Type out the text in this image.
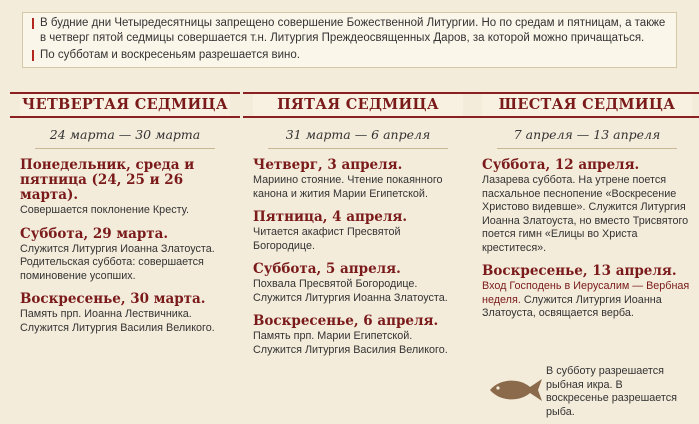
В будние дни Четыредесятницы запрещено совершение Божественной Литургии. Но по средам и пятницам, а также в четверг пятой седмицы совершается т.н. Литургия Преждеосвященных Даров, за которой можно причащаться.
По субботам и воскресеньям разрешается вино.
ЧЕТВЕРТАЯ СЕДМИЦА
24 марта — 30 марта
Понедельник, среда и пятница (24, 25 и 26 марта).
Совершается поклонение Кресту.
Суббота, 29 марта.
Служится Литургия Иоанна Златоуста. Родительская суббота: совершается поминовение усопших.
Воскресенье, 30 марта.
Память прп. Иоанна Лествичника. Служится Литургия Василия Великого.
ПЯТАЯ СЕДМИЦА
31 марта — 6 апреля
Четверг, 3 апреля.
Мариино стояние. Чтение покаянного канона и жития Марии Египетской.
Пятница, 4 апреля.
Читается акафист Пресвятой Богородице.
Суббота, 5 апреля.
Похвала Пресвятой Богородице. Служится Литургия Иоанна Златоуста.
Воскресенье, 6 апреля.
Память прп. Марии Египетской. Служится Литургия Василия Великого.
ШЕСТАЯ СЕДМИЦА
7 апреля — 13 апреля
Суббота, 12 апреля.
Лазарева суббота. На утрене поется пасхальное песнопение «Воскресение Христово видевше». Служится Литургия Иоанна Златоуста, но вместо Трисвятого поется гимн «Елицы во Христа креститеся».
Воскресенье, 13 апреля.
Вход Господень в Иерусалим — Вербная неделя. Служится Литургия Иоанна Златоуста, освящается верба.
В субботу разрешается рыбная икра. В воскресенье разрешается рыба.
